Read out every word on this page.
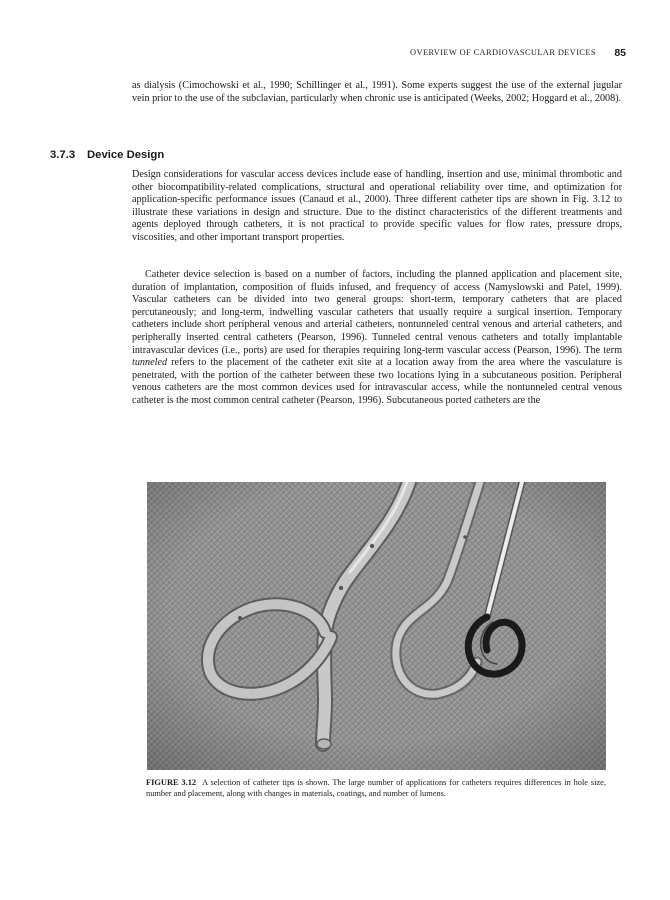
OVERVIEW OF CARDIOVASCULAR DEVICES 85

as dialysis (Cimochowski et al., 1990; Schillinger et al., 1991). Some experts suggest the use of the external jugular vein prior to the use of the subclavian, particularly when chronic use is anticipated (Weeks, 2002; Hoggard et al., 2008).

3.7.3 Device Design

Design considerations for vascular access devices include ease of handling, insertion and use, minimal thrombotic and other biocompatibility-related complications, structural and operational reliability over time, and optimization for application-specific performance issues (Canaud et al., 2000). Three different catheter tips are shown in Fig. 3.12 to illustrate these variations in design and structure. Due to the distinct characteristics of the different treatments and agents deployed through catheters, it is not practical to provide specific values for flow rates, pressure drops, viscosities, and other important transport properties.

Catheter device selection is based on a number of factors, including the planned application and placement site, duration of implantation, composition of fluids infused, and frequency of access (Namyslowski and Patel, 1999). Vascular catheters can be divided into two general groups: short-term, temporary catheters that are placed percutaneously; and long-term, indwelling vascular catheters that usually require a surgical insertion. Temporary catheters include short peripheral venous and arterial catheters, nontunneled central venous and arterial catheters, and peripherally inserted central catheters (Pearson, 1996). Tunneled central venous catheters and totally implantable intravascular devices (i.e., ports) are used for therapies requiring long-term vascular access (Pearson, 1996). The term tunneled refers to the placement of the catheter exit site at a location away from the area where the vasculature is penetrated, with the portion of the catheter between these two locations lying in a subcutaneous position. Peripheral venous catheters are the most common devices used for intravascular access, while the nontunneled central venous catheter is the most common central catheter (Pearson, 1996). Subcutaneous ported catheters are the

FIGURE 3.12 A selection of catheter tips is shown. The large number of applications for catheters requires differences in hole size, number and placement, along with changes in materials, coatings, and number of lumens.
